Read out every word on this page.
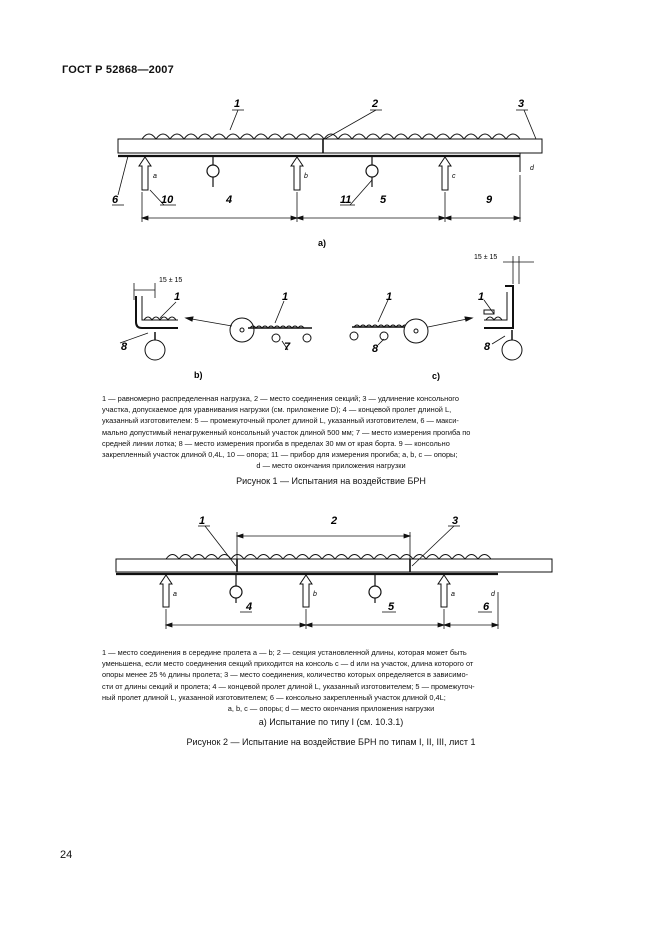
ГОСТ Р 52868—2007
1	2	3
4	5
6	9
10	11
a	b	c
d
a)
8
1
15 ± 15
1
7
b)
1
8
c)
15 ± 15
1
8
1 — равномерно распределенная нагрузка, 2 — место соединения секций; 3 — удлинение консольного
участка, допускаемое для уравнивания нагрузки (см. приложение D); 4 — концевой пролет длиной L,
указанный изготовителем: 5 — промежуточный пролет длиной L, указанный изготовителем, 6 — макси-
мально допустимый ненагруженный консольный участок длиной 500 мм; 7 — место измерения прогиба по
средней линии лотка; 8 — место измерения прогиба в пределах 30 мм от края борта. 9 — консольно
закрепленный участок длиной 0,4L, 10 — опора; 11 — прибор для измерения прогиба; a, b, c — опоры;
d — место окончания приложения нагрузки
Рисунок 1 — Испытания на воздействие БРН
1	2	3
4	5	6
a	b	a	d
1 — место соединения в середине пролета a — b; 2 — секция установленной длины, которая может быть
уменьшена, если место соединения секций приходится на консоль c — d или на участок, длина которого от
опоры менее 25 % длины пролета; 3 — место соединения, количество которых определяется в зависимо-
сти от длины секций и пролета; 4 — концевой пролет длиной L, указанный изготовителем; 5 — промежуточ-
ный пролет длиной L, указанной изготовителем; 6 — консольно закрепленный участок длиной 0,4L;
a, b, c — опоры; d — место окончания приложения нагрузки
a) Испытание по типу I (см. 10.3.1)
Рисунок 2 — Испытание на воздействие БРН по типам I, II, III, лист 1
24
